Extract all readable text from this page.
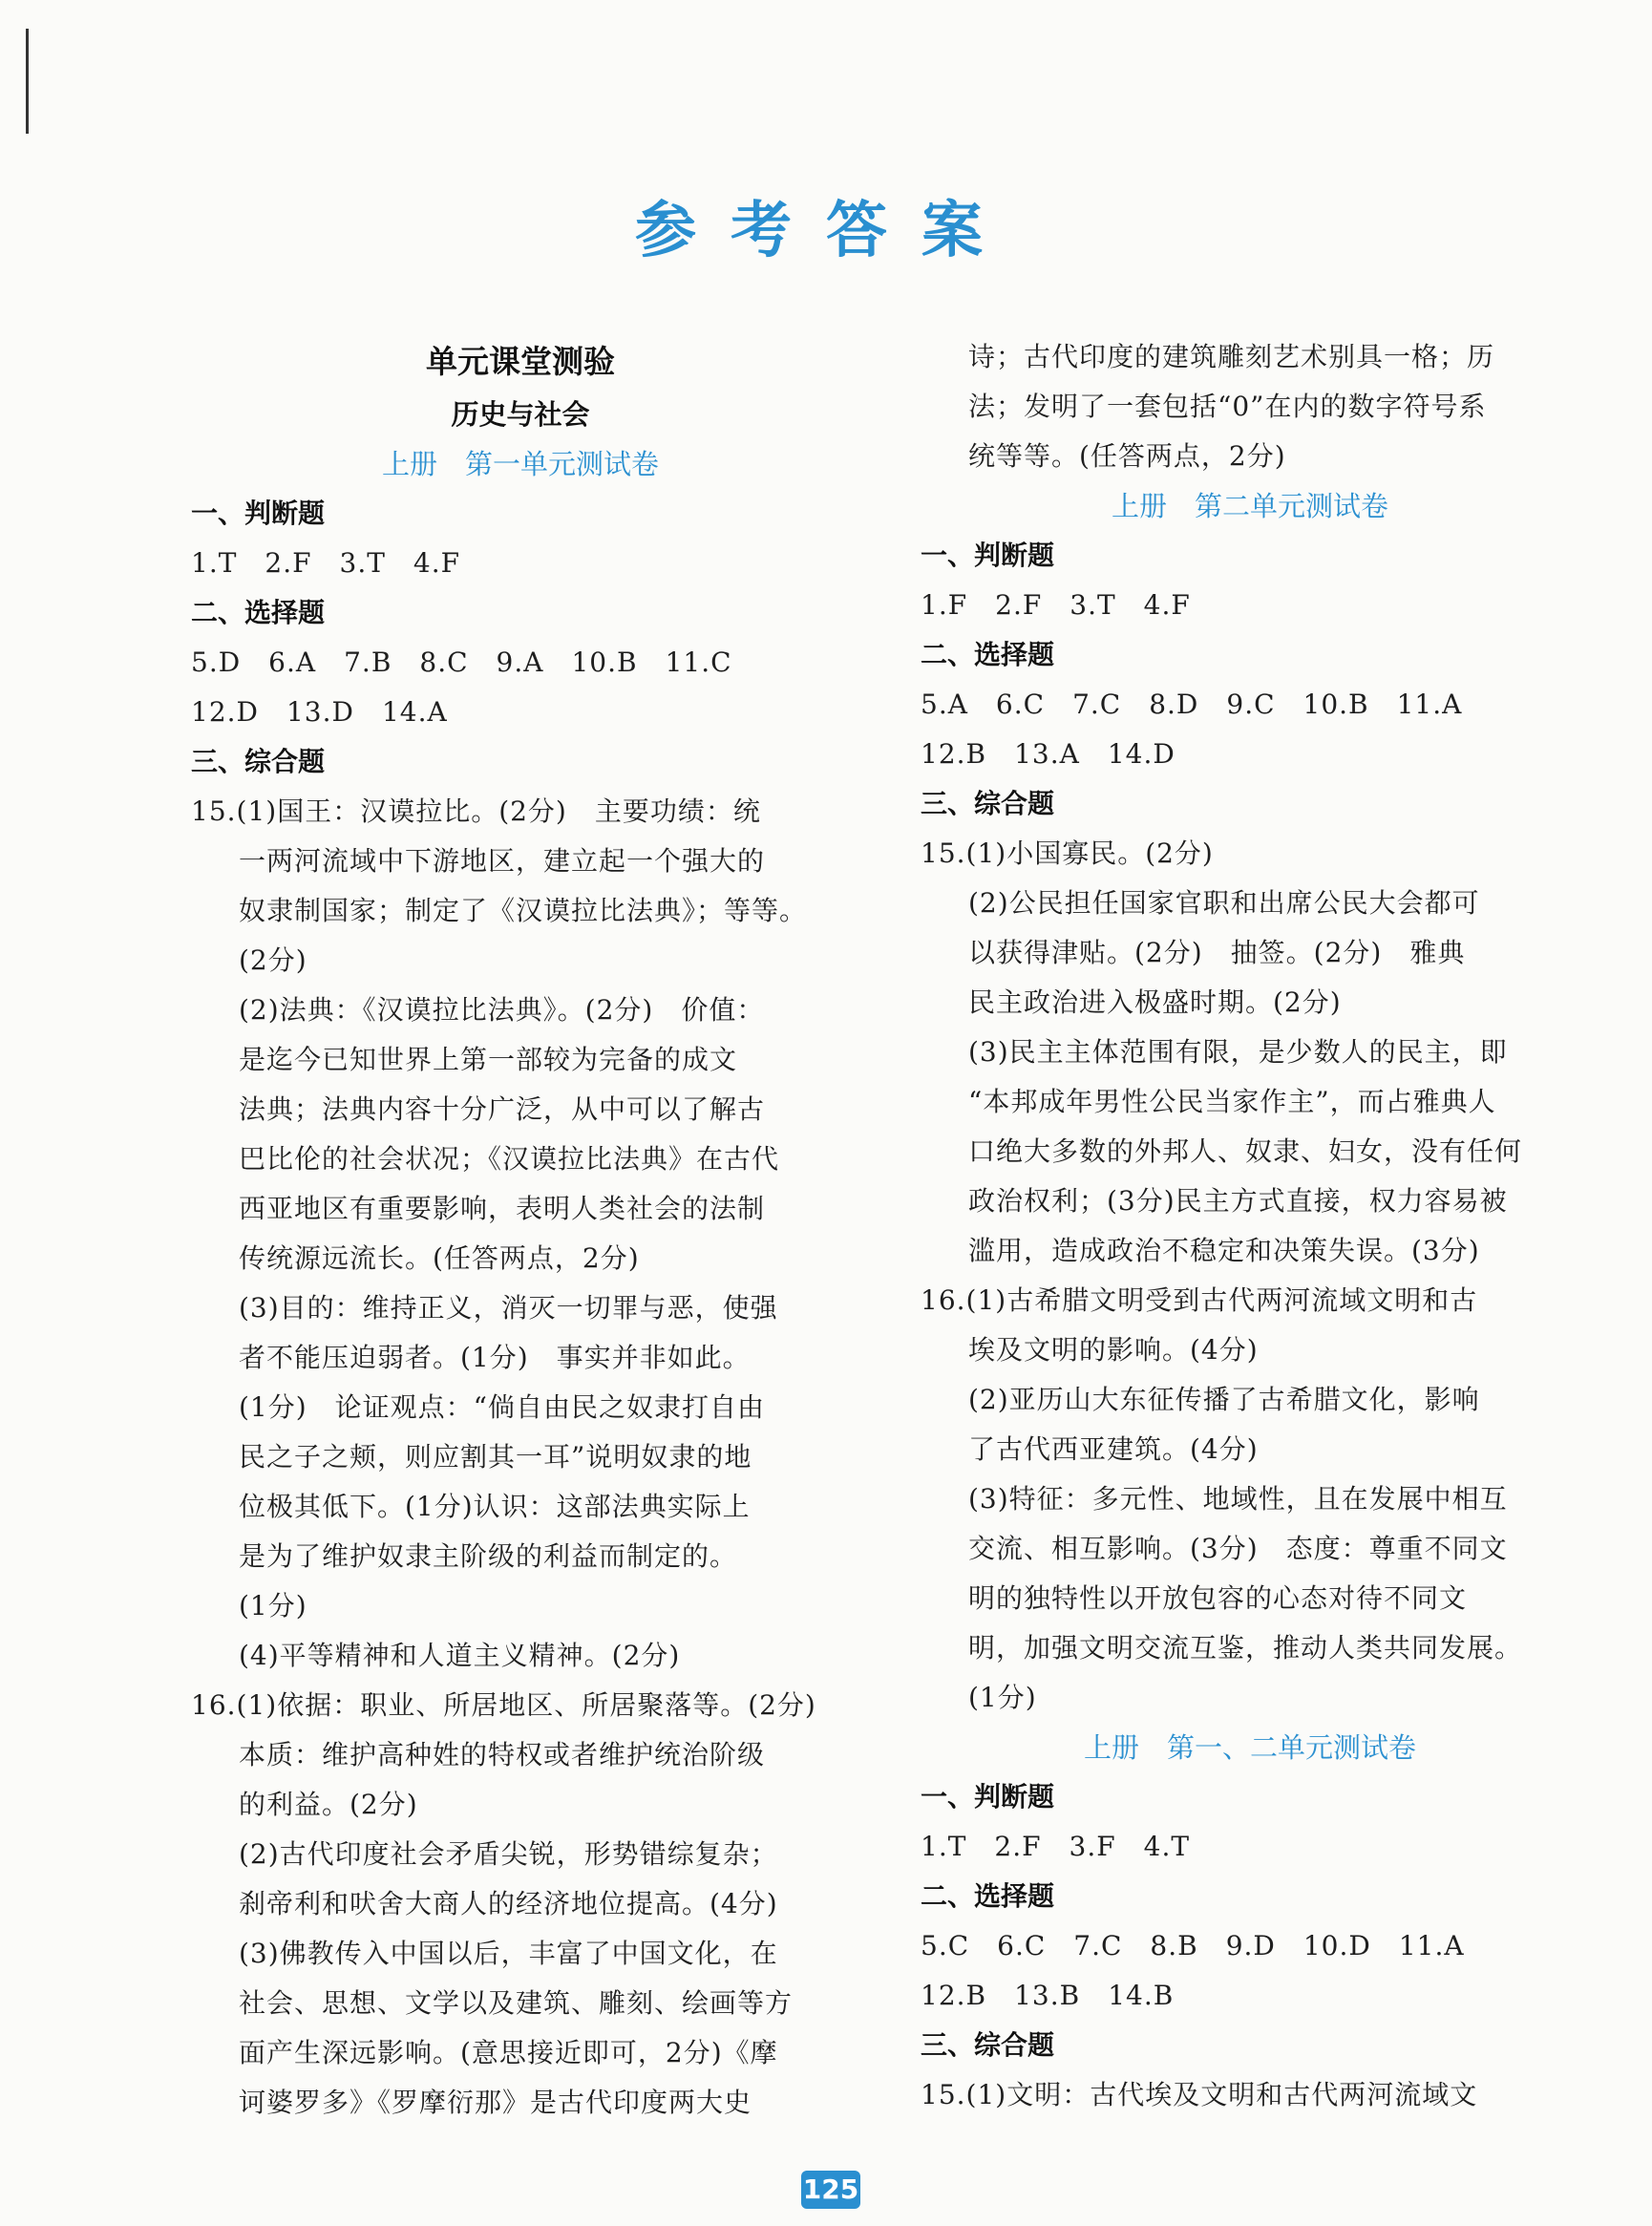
参考答案
单元课堂测验
历史与社会
上册　第一单元测试卷
一、判断题
1.T　2.F　3.T　4.F
二、选择题
5.D　6.A　7.B　8.C　9.A　10.B　11.C
12.D　13.D　14.A
三、综合题
15.(1)国王：汉谟拉比。(2分)　主要功绩：统
一两河流域中下游地区，建立起一个强大的
奴隶制国家；制定了《汉谟拉比法典》；等等。
(2分)
(2)法典：《汉谟拉比法典》。(2分)　价值：
是迄今已知世界上第一部较为完备的成文
法典；法典内容十分广泛，从中可以了解古
巴比伦的社会状况；《汉谟拉比法典》在古代
西亚地区有重要影响，表明人类社会的法制
传统源远流长。(任答两点，2分)
(3)目的：维持正义，消灭一切罪与恶，使强
者不能压迫弱者。(1分)　事实并非如此。
(1分)　论证观点：“倘自由民之奴隶打自由
民之子之颊，则应割其一耳”说明奴隶的地
位极其低下。(1分)认识：这部法典实际上
是为了维护奴隶主阶级的利益而制定的。
(1分)
(4)平等精神和人道主义精神。(2分)
16.(1)依据：职业、所居地区、所居聚落等。(2分)
本质：维护高种姓的特权或者维护统治阶级
的利益。(2分)
(2)古代印度社会矛盾尖锐，形势错综复杂；
刹帝利和吠舍大商人的经济地位提高。(4分)
(3)佛教传入中国以后，丰富了中国文化，在
社会、思想、文学以及建筑、雕刻、绘画等方
面产生深远影响。(意思接近即可，2分)《摩
诃婆罗多》《罗摩衍那》是古代印度两大史
诗；古代印度的建筑雕刻艺术别具一格；历
法；发明了一套包括“0”在内的数字符号系
统等等。(任答两点，2分)
上册　第二单元测试卷
一、判断题
1.F　2.F　3.T　4.F
二、选择题
5.A　6.C　7.C　8.D　9.C　10.B　11.A
12.B　13.A　14.D
三、综合题
15.(1)小国寡民。(2分)
(2)公民担任国家官职和出席公民大会都可
以获得津贴。(2分)　抽签。(2分)　雅典
民主政治进入极盛时期。(2分)
(3)民主主体范围有限，是少数人的民主，即
“本邦成年男性公民当家作主”，而占雅典人
口绝大多数的外邦人、奴隶、妇女，没有任何
政治权利；(3分)民主方式直接，权力容易被
滥用，造成政治不稳定和决策失误。(3分)
16.(1)古希腊文明受到古代两河流域文明和古
埃及文明的影响。(4分)
(2)亚历山大东征传播了古希腊文化，影响
了古代西亚建筑。(4分)
(3)特征：多元性、地域性，且在发展中相互
交流、相互影响。(3分)　态度：尊重不同文
明的独特性以开放包容的心态对待不同文
明，加强文明交流互鉴，推动人类共同发展。
(1分)
上册　第一、二单元测试卷
一、判断题
1.T　2.F　3.F　4.T
二、选择题
5.C　6.C　7.C　8.B　9.D　10.D　11.A
12.B　13.B　14.B
三、综合题
15.(1)文明：古代埃及文明和古代两河流域文
125
